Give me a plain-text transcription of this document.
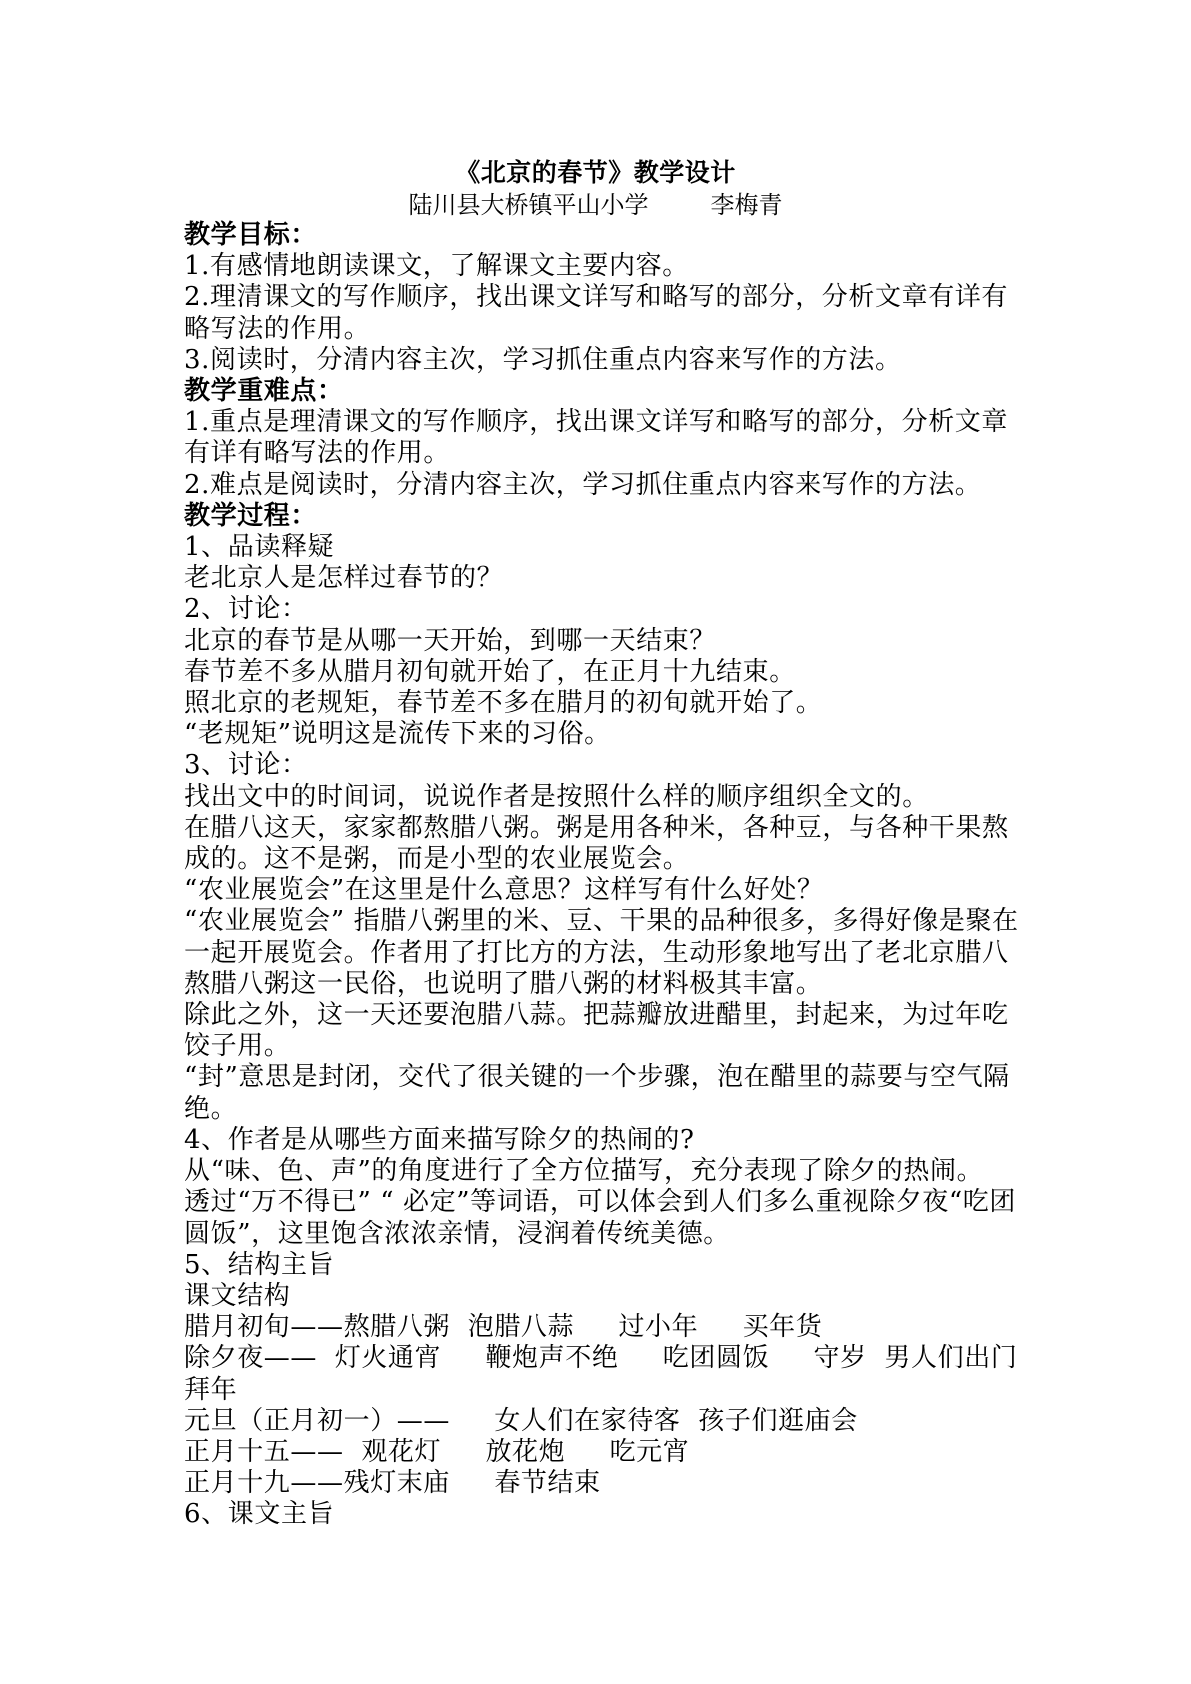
《北京的春节》教学设计
陆川县大桥镇平山小学	李梅青

教学目标：

1.有感情地朗读课文，了解课文主要内容。

2.理清课文的写作顺序，找出课文详写和略写的部分，分析文章有详有略写法的作用。

3.阅读时，分清内容主次，学习抓住重点内容来写作的方法。

教学重难点：

1.重点是理清课文的写作顺序，找出课文详写和略写的部分，分析文章有详有略写法的作用。

2.难点是阅读时，分清内容主次，学习抓住重点内容来写作的方法。

教学过程：

1、品读释疑

老北京人是怎样过春节的？

2、讨论：

北京的春节是从哪一天开始，到哪一天结束？

春节差不多从腊月初旬就开始了，在正月十九结束。

照北京的老规矩，春节差不多在腊月的初旬就开始了。

“老规矩”说明这是流传下来的习俗。

3、讨论：

找出文中的时间词，说说作者是按照什么样的顺序组织全文的。

在腊八这天，家家都熬腊八粥。粥是用各种米，各种豆，与各种干果熬成的。这不是粥，而是小型的农业展览会。

“农业展览会”在这里是什么意思？这样写有什么好处？

“农业展览会” 指腊八粥里的米、豆、干果的品种很多，多得好像是聚在一起开展览会。作者用了打比方的方法，生动形象地写出了老北京腊八熬腊八粥这一民俗，也说明了腊八粥的材料极其丰富。

除此之外，这一天还要泡腊八蒜。把蒜瓣放进醋里，封起来，为过年吃饺子用。

“封”意思是封闭，交代了很关键的一个步骤，泡在醋里的蒜要与空气隔绝。

4、作者是从哪些方面来描写除夕的热闹的?

从“味、色、声”的角度进行了全方位描写，充分表现了除夕的热闹。

透过“万不得已” “ 必定”等词语，可以体会到人们多么重视除夕夜“吃团圆饭”，这里饱含浓浓亲情，浸润着传统美德。

5、结构主旨

课文结构

腊月初旬——熬腊八粥  泡腊八蒜     过小年     买年货

除夕夜——  灯火通宵     鞭炮声不绝     吃团圆饭     守岁  男人们出门拜年

元旦（正月初一）——     女人们在家待客  孩子们逛庙会

正月十五——  观花灯     放花炮     吃元宵

正月十九——残灯末庙     春节结束

6、课文主旨
